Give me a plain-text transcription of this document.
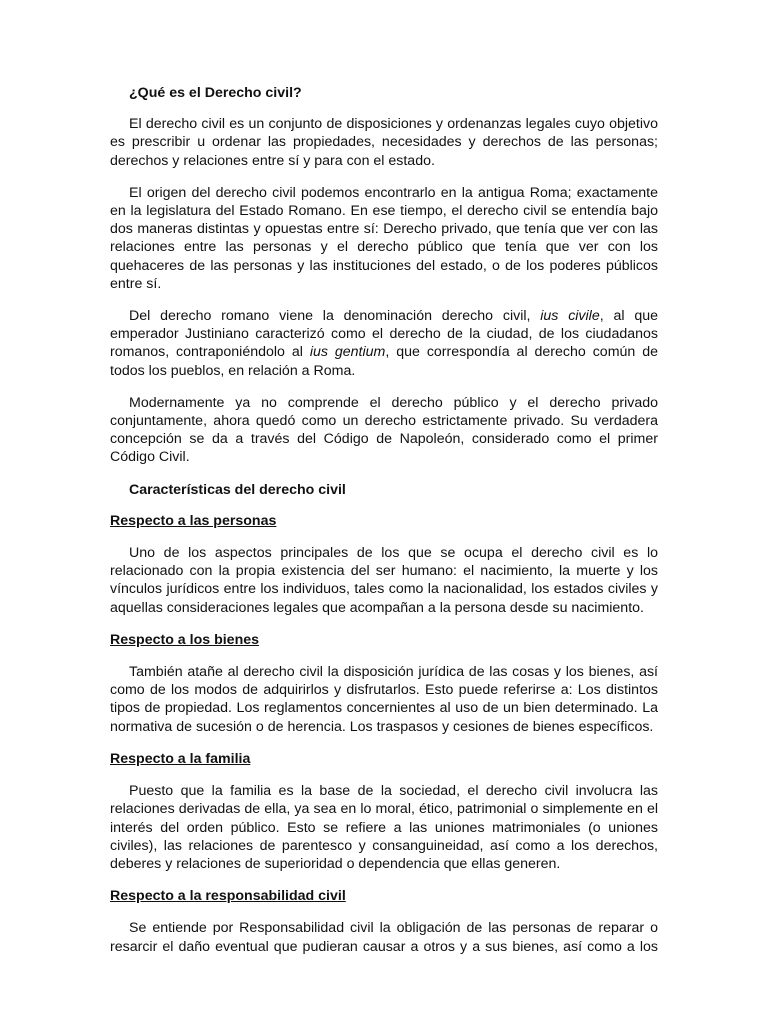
¿Qué es el Derecho civil?

El derecho civil es un conjunto de disposiciones y ordenanzas legales cuyo objetivo es prescribir u ordenar las propiedades, necesidades y derechos de las personas; derechos y relaciones entre sí y para con el estado.

El origen del derecho civil podemos encontrarlo en la antigua Roma; exactamente en la legislatura del Estado Romano. En ese tiempo, el derecho civil se entendía bajo dos maneras distintas y opuestas entre sí: Derecho privado, que tenía que ver con las relaciones entre las personas y el derecho público que tenía que ver con los quehaceres de las personas y las instituciones del estado, o de los poderes públicos entre sí.

Del derecho romano viene la denominación derecho civil, ius civile, al que emperador Justiniano caracterizó como el derecho de la ciudad, de los ciudadanos romanos, contraponiéndolo al ius gentium, que correspondía al derecho común de todos los pueblos, en relación a Roma.

Modernamente ya no comprende el derecho público y el derecho privado conjuntamente, ahora quedó como un derecho estrictamente privado. Su verdadera concepción se da a través del Código de Napoleón, considerado como el primer Código Civil.

Características del derecho civil

Respecto a las personas

Uno de los aspectos principales de los que se ocupa el derecho civil es lo relacionado con la propia existencia del ser humano: el nacimiento, la muerte y los vínculos jurídicos entre los individuos, tales como la nacionalidad, los estados civiles y aquellas consideraciones legales que acompañan a la persona desde su nacimiento.

Respecto a los bienes

También atañe al derecho civil la disposición jurídica de las cosas y los bienes, así como de los modos de adquirirlos y disfrutarlos. Esto puede referirse a: Los distintos tipos de propiedad. Los reglamentos concernientes al uso de un bien determinado. La normativa de sucesión o de herencia. Los traspasos y cesiones de bienes específicos.

Respecto a la familia

Puesto que la familia es la base de la sociedad, el derecho civil involucra las relaciones derivadas de ella, ya sea en lo moral, ético, patrimonial o simplemente en el interés del orden público. Esto se refiere a las uniones matrimoniales (o uniones civiles), las relaciones de parentesco y consanguineidad, así como a los derechos, deberes y relaciones de superioridad o dependencia que ellas generen.

Respecto a la responsabilidad civil

Se entiende por Responsabilidad civil la obligación de las personas de reparar o resarcir el daño eventual que pudieran causar a otros y a sus bienes, así como a los
